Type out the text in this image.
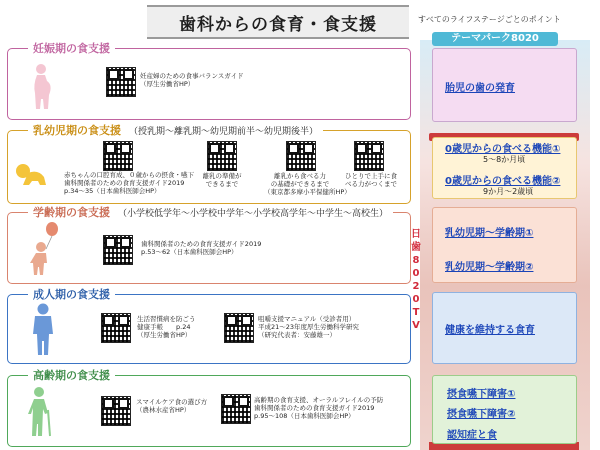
歯科からの食育・食支援	すべてのライフステージごとのポイント
妊娠期の食支援
妊産婦のための食事バランスガイド
（厚生労働省HP）
乳幼児期の食支援 （授乳期～離乳期～幼児期前半～幼児期後半）
赤ちゃんの口腔育成、０歳からの摂食・嚥下
歯科関係者のための食育支援ガイド2019
p.34～35（日本歯科医師会HP）
離乳の準備が
できるまで
離乳から食べる力
の基礎ができるまで
（東京都多摩小平保健所HP）
ひとりで上手に食
べる力がつくまで
学齢期の食支援 （小学校低学年～小学校中学年～小学校高学年～中学生～高校生）
歯科関係者のための食育支援ガイド2019
p.53～62（日本歯科医師会HP）
成人期の食支援
生活習慣病を防ごう
健康手帳　　p.24
（厚生労働省HP）
咀嚼支援マニュアル（受診者用）
平成21～23年度厚生労働科学研究
（研究代表者：安藤雄一）
高齢期の食支援
スマイルケア食の選び方
（農林水産省HP）
高齢期の食育支援、オーラルフレイルの予防
歯科関係者のための食育支援ガイド2019
p.95～108（日本歯科医師会HP）
テーマパーク8020
日歯8020TV
胎児の歯の発育
0歳児からの食べる機能①
5～8か月頃
0歳児からの食べる機能②
9か月～2歳頃
乳幼児期～学齢期①
乳幼児期～学齢期②
健康を維持する食育
摂食嚥下障害①
摂食嚥下障害②
認知症と食
